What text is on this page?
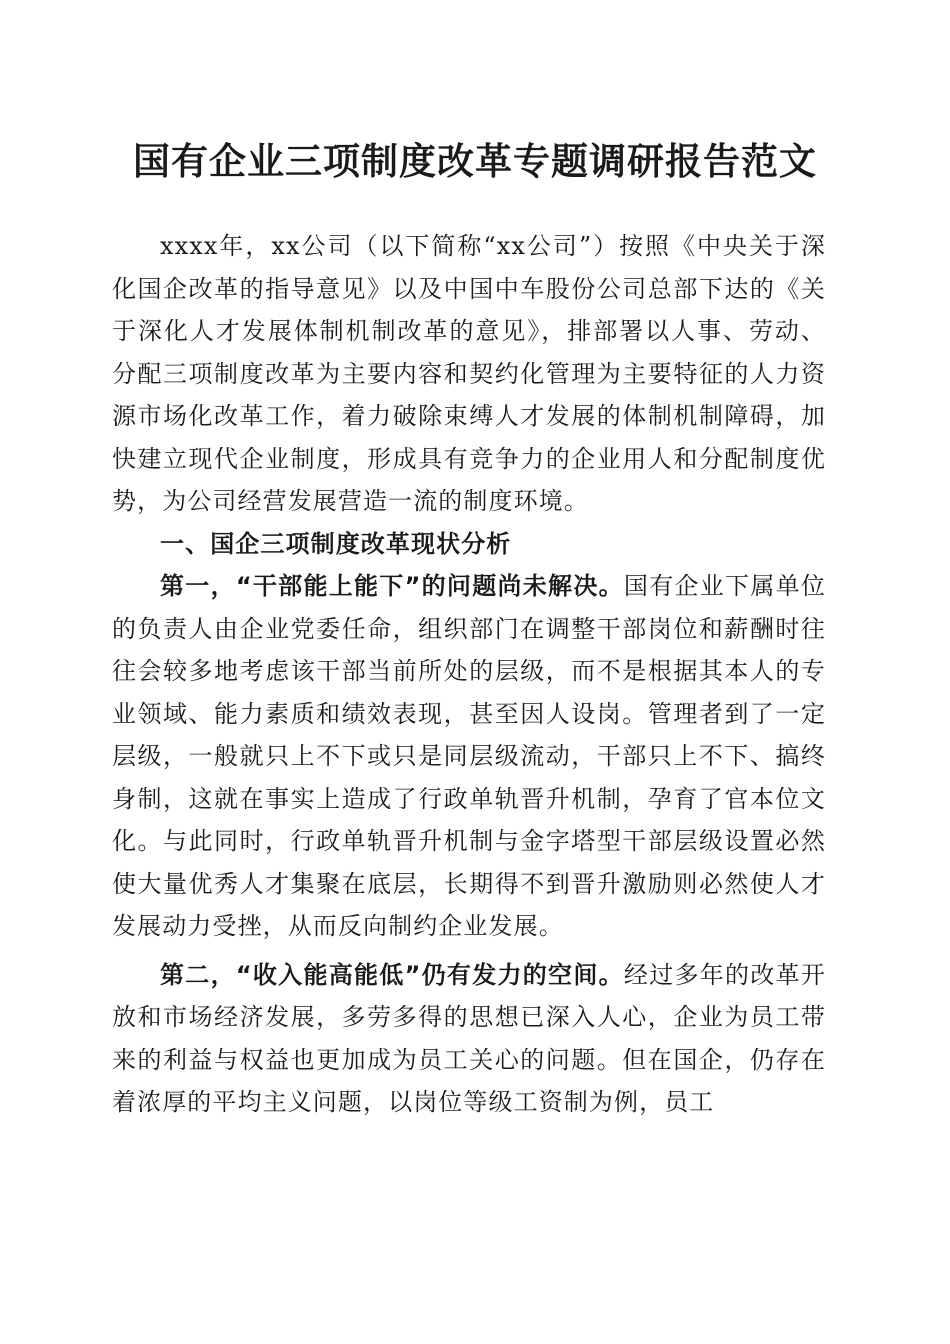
国有企业三项制度改革专题调研报告范文

xxxx年，xx公司（以下简称“xx公司”）按照《中央关于深化国企改革的指导意见》以及中国中车股份公司总部下达的《关于深化人才发展体制机制改革的意见》，排部署以人事、劳动、分配三项制度改革为主要内容和契约化管理为主要特征的人力资源市场化改革工作，着力破除束缚人才发展的体制机制障碍，加快建立现代企业制度，形成具有竞争力的企业用人和分配制度优势，为公司经营发展营造一流的制度环境。

一、国企三项制度改革现状分析

第一，“干部能上能下”的问题尚未解决。国有企业下属单位的负责人由企业党委任命，组织部门在调整干部岗位和薪酬时往往会较多地考虑该干部当前所处的层级，而不是根据其本人的专业领域、能力素质和绩效表现，甚至因人设岗。管理者到了一定层级，一般就只上不下或只是同层级流动，干部只上不下、搞终身制，这就在事实上造成了行政单轨晋升机制，孕育了官本位文化。与此同时，行政单轨晋升机制与金字塔型干部层级设置必然使大量优秀人才集聚在底层，长期得不到晋升激励则必然使人才发展动力受挫，从而反向制约企业发展。

第二，“收入能高能低”仍有发力的空间。经过多年的改革开放和市场经济发展，多劳多得的思想已深入人心，企业为员工带来的利益与权益也更加成为员工关心的问题。但在国企，仍存在着浓厚的平均主义问题，以岗位等级工资制为例，员工
